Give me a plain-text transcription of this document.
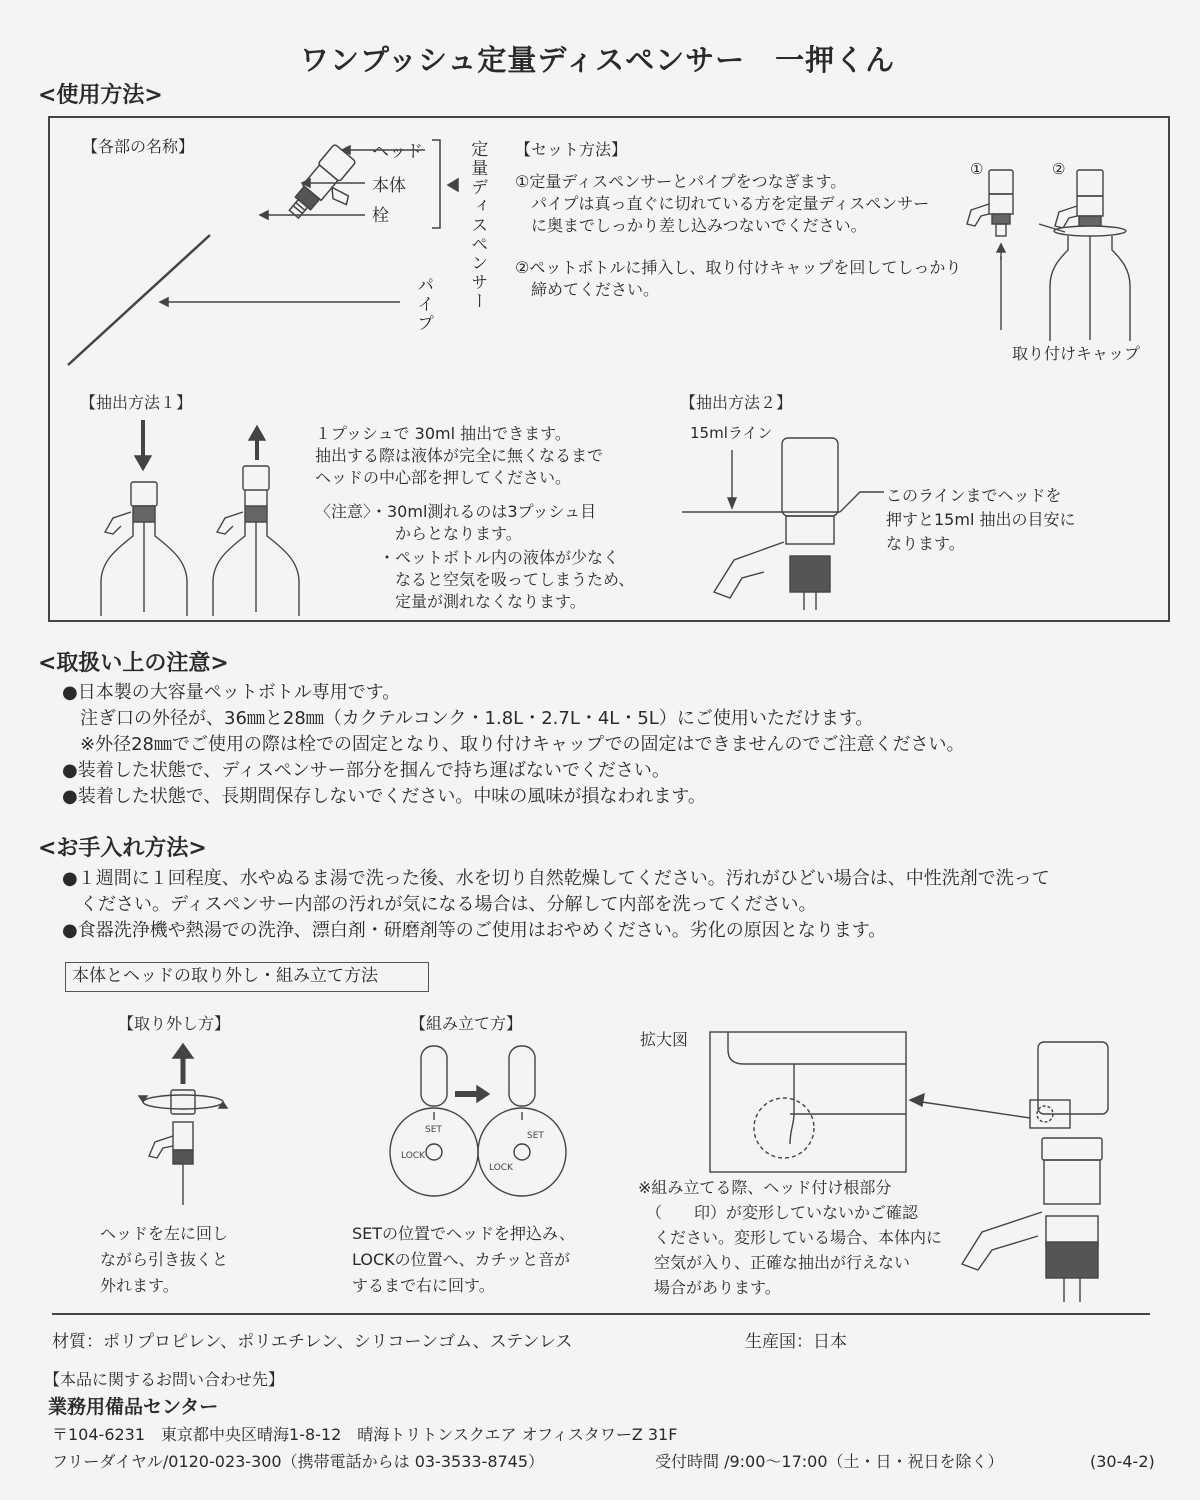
ワンプッシュ定量ディスペンサー　一押くん
<使用方法>
【各部の名称】	ヘッド
本体
栓	定量ディスペンサー
パイプ
【セット方法】
①定量ディスペンサーとパイプをつなぎます。
　パイプは真っ直ぐに切れている方を定量ディスペンサー
　に奥までしっかり差し込みつないでください。
②ペットボトルに挿入し、取り付けキャップを回してしっかり
　締めてください。
①	②
取り付けキャップ
【抽出方法１】
１プッシュで 30ml 抽出できます。
抽出する際は液体が完全に無くなるまで
ヘッドの中心部を押してください。
〈注意〉・30ml測れるのは3プッシュ目
　　　　　からとなります。
　　　　・ペットボトル内の液体が少なく
　　　　　なると空気を吸ってしまうため、
　　　　　定量が測れなくなります。
【抽出方法２】
15mlライン
このラインまでヘッドを
押すと15ml 抽出の目安に
なります。
<取扱い上の注意>
●日本製の大容量ペットボトル専用です。
　注ぎ口の外径が、36㎜と28㎜（カクテルコンク・1.8L・2.7L・4L・5L）にご使用いただけます。
　※外径28㎜でご使用の際は栓での固定となり、取り付けキャップでの固定はできませんのでご注意ください。
●装着した状態で、ディスペンサー部分を掴んで持ち運ばないでください。
●装着した状態で、長期間保存しないでください。中味の風味が損なわれます。
<お手入れ方法>
●１週間に１回程度、水やぬるま湯で洗った後、水を切り自然乾燥してください。汚れがひどい場合は、中性洗剤で洗って
　ください。ディスペンサー内部の汚れが気になる場合は、分解して内部を洗ってください。
●食器洗浄機や熱湯での洗浄、漂白剤・研磨剤等のご使用はおやめください。劣化の原因となります。
本体とヘッドの取り外し・組み立て方法
【取り外し方】
ヘッドを左に回し
ながら引き抜くと
外れます。
【組み立て方】
SETの位置でヘッドを押込み、
LOCKの位置へ、カチッと音が
するまで右に回す。
SET
LOCK
SET
LOCK
拡大図
※組み立てる際、ヘッド付け根部分
　（　　印）が変形していないかご確認
　ください。変形している場合、本体内に
　空気が入り、正確な抽出が行えない
　場合があります。
材質：ポリプロピレン、ポリエチレン、シリコーンゴム、ステンレス	生産国：日本
【本品に関するお問い合わせ先】
業務用備品センター
〒104-6231　東京都中央区晴海1-8-12　晴海トリトンスクエア オフィスタワーZ 31F
フリーダイヤル/0120-023-300（携帯電話からは 03-3533-8745）	受付時間 /9:00～17:00（土・日・祝日を除く）	(30-4-2)
